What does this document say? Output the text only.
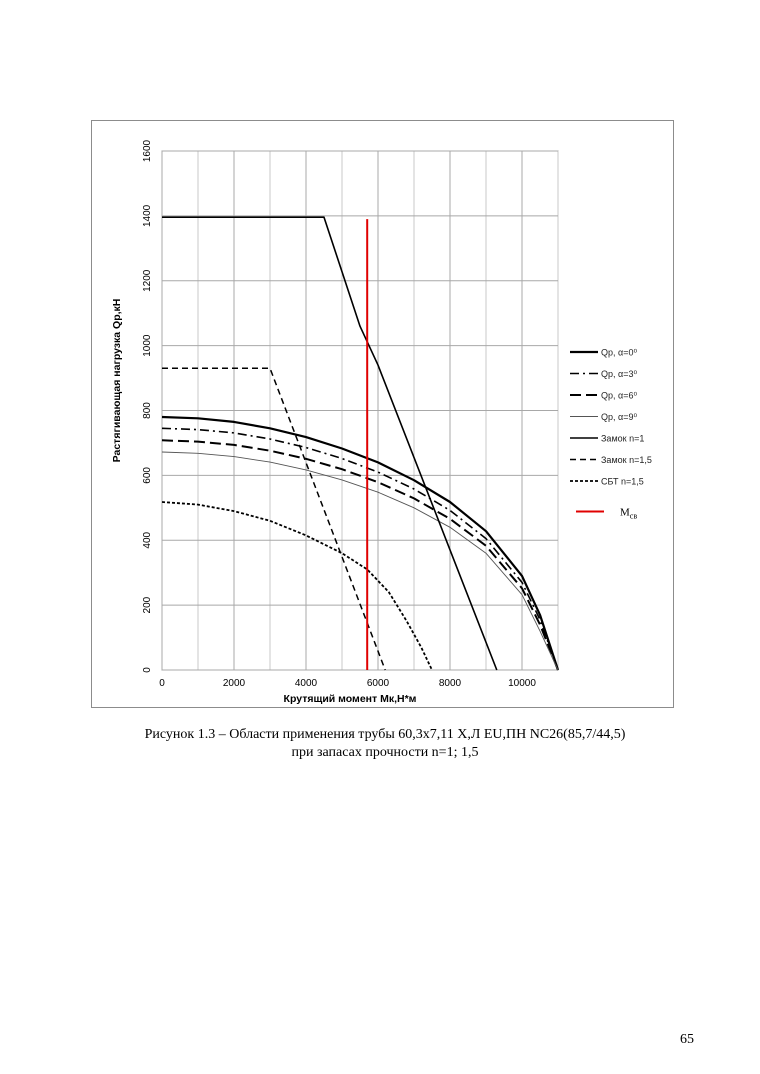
0	2000	4000	6000	8000	10000
0
200
400
600
800
1000
1200
1400
1600
Крутящий момент Мк,Н*м
Растягивающая нагрузка Qр,кН	Qp, α=0⁰
Qp, α=3⁰
Qp, α=6⁰
Qp, α=9⁰
Замок n=1
Замок n=1,5
СБТ n=1,5
$М_{св}$
Рисунок 1.3 – Области применения трубы 60,3х7,11 Х,Л EU,ПН NC26(85,7/44,5)
при запасах прочности n=1; 1,5
65
